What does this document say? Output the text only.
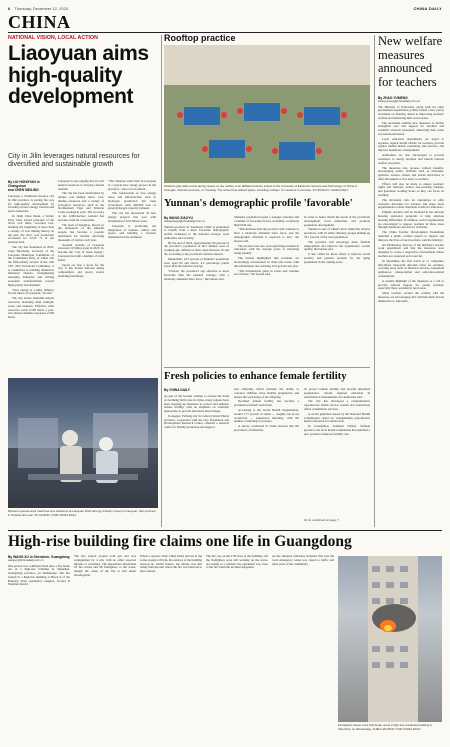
6 Thursday, December 12, 2024	CHINA DAILY
CHINA
NATIONAL VISION, LOCAL ACTION
Liaoyuan aims high-quality development
City in Jilin leverages natural resources for diversified and sustainable growth
By LIU HONGYAN in Changchun
and CHEN MEILING

Liaoyuan, a traditional resource city in Jilin province, is paving the way for high-quality development by focusing on new energy, tourism and sports industries.

In 1949, Chen Jinrui, a former Party State school principal of the Xi'an coal mine, recorded coal, marking the beginning of more than a century of coal mining history. In the past, the city's coal production accounted for 22.05 % of the national total.

The city has flourished in 2023, Chen Baoshang, secretary of the Liaoyuan Municipal Committee of the Communist Party of China and the fifth-plenary session of the 12th CPC Jilin Provincial Committee, it is committed to building distinctive industrial clusters, strengthening emerging industries and driving economic transformation toward high-quality development.

"New energy is a pillar industry for the future of Liaoyuan," he said.

The city boasts abundant natural resources, including wind, sunlight, water and biomass. Effective wind resources reach 2,500 hours a year, and annual sunshine surpasses 2,500 hours.

Liaoyuan is also tapping into its rich natural resources to develop cultural tourism.

The city has been transformed by unique coal mining relics, coal-mining resources and a variety of ecological resources, such as the Northeastern Tiger and Siberian Crane ecological park. The recovery of the 2,000-hectare wetland has become a hub for ecotourism.

The town of Dongliao, known as the hometown of the Manchu people, has become a popular destination for tourists, attracting thousands of visitors each year.

Tourism revenue of Liaoyuan exceeded 10 billion yuan in 2023. To become the "city of clean energy," Liaoyuan has built a number of wind farms.

Sports are also a focus for the city. It has hosted national skiing competitions and sports events including marathons.

"The Sanyuan wind farm in Liaoyuan is a typical new energy project in the province," said a local official.

The construction of new energy bases and infrastructure such as hydrogen production has been accelerated, with 200,000 tons of green hydrogen capacity planned.

The city has introduced 33 new energy projects this year with investment of 22.6 billion yuan.

Liaoyuan is promoting the integration of tourism, culture and sports, and building a vacation destination in the northeast.

Workers operate work machines at a workshop at Liaoyuan North Energy Industry Group in Liaoyuan, Jilin province, in October last year. XU CHANG / FOR CHINA DAILY
Rooftop practice
Students play table tennis during recess on the rooftop of an affiliated primary school of the University of Electronic Science and Technology of China in Chengdu, Sichuan province, on Tuesday. The school has utilized space, including rooftops, for students to exercise. XU ZICHUN / CHINA DAILY
Yunnan's demographic profile 'favorable'
By WANG XIAOYU
wangxiaoyu@chinadaily.com.cn

Yunnan province in Southwest China is positioned to benefit from a more favorable demographic profile compared to the national average, local authorities said recently.

By the end of 2023, approximately 60 percent of the province's population of 46.7 million were of working age, defined as those aged between 16 and 59, according to the provincial statistics bureau.

Meanwhile, 16.5 percent of Yunnan's population were aged 60 and above, 4.2 percentage points lower than the national average.

"Overall, the province's age structure is more favorable than the national average, with a relatively abundant labor force," the bureau said.

Yunnan's population boasts a younger structure and a number of favorable factors, including a relatively high birth rate.

"This indicates that the province will continue to have a relatively abundant labor force, and the demographic dividend is expected to last," the bureau said.

The province has also seen rapid improvement in education, with the average years of schooling rising steadily.

The bureau highlighted that residents are increasingly concentrated in cities and towns, with the urbanization rate reaching 52.9 percent last year.

"The urbanization gains in towns and counties are obvious," the bureau said.

In order to better match the needs of the provincial development, local authorities will promote population development.

Yunnan is one of China's most ethnically diverse provinces, with 25 ethnic minority groups making up 33.1 percent of the total population.

The province will encourage more flexible employment and improve the population's overall quality, the bureau said.

It also called for more efforts to improve social security and pension systems for the aging population in the coming years.

Fresh policies to enhance female fertility
By CHINA DAILY

As part of the broader attempt to reverse the trend of declining birth rates in China, many regions have been stepping up measures to protect and enhance female fertility, with an emphasis on scientific approaches to prevent unwanted miscarriages.

In August, Yichang city in Central China's Hubei province, cooperated with the City Population and Development Research Center, released a research center for fertility protection and support.

fear offspring, which includes the ability to conceive children, have healthy pregnancies and ensure the well-being of the offspring.

Declined female fertility has become a prominent problem worldwide.

According to the World Health Organization, around 17.5 percent of adults — roughly one in six worldwide — experience infertility, with the number continuing to increase.

A survey conducted in China showed that the prevalence of infertility.

To protect female fertility and prevent unwanted pregnancies, reform regional education in settlements is fundamental, the authorities said.

The city has developed a comprehensive reproductive health service system and extensively offers consultation services.

A recent guideline issued by the National Health Commission called for strengthening reproductive health education for adolescents.

In Guangzhou, Southern China's Sichuan province, the local health commission has launched a new system to improve fertility care.

To be continued on page 7
New welfare measures announced for teachers
By ZHAO YUMENG
zhaoyumeng@chinadaily.com.cn

The Ministry of Education, along with six other government departments, jointly issued a new policy document on Tuesday aimed at improving teachers' welfare and enhancing their social status.

The document outlines new measures to further strengthen care and support for teachers and scientific research personnel, enhancing their sense of professional honor.

Local education departments are urged to organize regular health checks for teachers, provide regular mental health counseling and services, and improve healthcare arrangements.

Authorities are also encouraged to provide assistance to needy teachers and launch tailored welfare programs.

The measures also propose cultural benefits, encouraging public facilities such as museums, galleries, science centers and tourist attractions to offer discounted or free entry to teachers.

Efforts will also be made to ensure teachers' rights and interests, reduce non-teaching burdens, and guarantee working hours so they can focus on teaching.

The document calls for enterprises to offer exclusive discounts for teachers and urges more organizations to hold charitable events for educators.

Eligible teachers will be included in the relevant housing assistance programs to help alleviate housing difficulties. In addition, social organizations are encouraged to support teachers in these areas through donations and service activities.

The China Teacher Development Foundation launched a public welfare project to support and improve the lives of rural teachers, said the ministry.

On Wednesday, director of the ministry's teacher work department said that the measures were designed to create a supportive environment where teachers are respected and cared for.

In September, the first batch of 11 companies introduced long-term discount plans for teachers, covering areas such as financial services, household appliances, transportation and education-related consumption.

A notable highlight of the measures is a call to provide tailored support for young teachers, especially those working in rural areas.

Many teachers around the country said the measures are encouraging and will help them devote themselves to education.

High-rise building fire claims one life in Guangdong
By WANG XU in Shenzhen, Guangdong
wangxu@chinadaily.com.cn

One person was confirmed dead after a fire broke out in a high-rise building in Shenzhen, Guangdong province, on Wednesday. The fire started in a high-rise building at Block 9 of the Hanlong Yuan residential complex, located in Nanshan district.

The fire started around 2:40 pm and was extinguished by 4 pm, with no other reported injuries or casualties. The department dispatched 18 fire trucks and 98 firefighters to the scene, though the cause of the fire is still under investigation.

When a reporter from China Daily arrived at the scene around 4:30 pm, the exterior of the building showed no visible flames, but smoke was still rising from the unit where the fire was believed to have started.

The fire was on the 27th floor of the building, and the firefighters were still working on the scene. According to a resident, the apartment was close to the fire when the incident happened.

As the situation unfolded, Kaiyuan Wai said the local emergency center was closed to traffic and other parts of the community.

Firefighters douse a fire that broke out at a high-rise residential building in Shenzhen on Wednesday. CHEN HAONAN / FOR CHINA DAILY
